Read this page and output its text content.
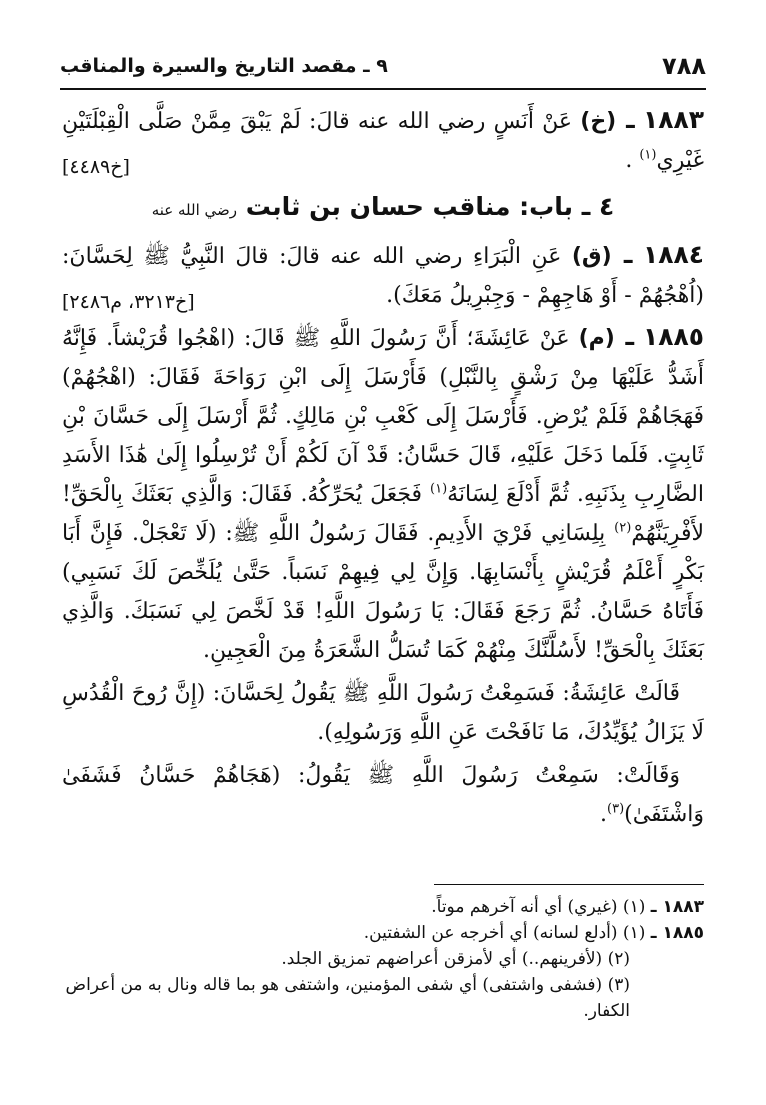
٧٨٨
٩ ـ مقصد التاريخ والسيرة والمناقب

١٨٨٣ ـ (خ) عَنْ أَنَسٍ رضي الله عنه قالَ: لَمْ يَبْقَ مِمَّنْ صَلَّى الْقِبْلَتَيْنِ غَيْرِي$^{(١)}$ .

[خ٤٤٨٩]
٤ ـ باب: مناقب حسان بن ثابت رضي الله عنه

١٨٨٤ ـ (ق) عَنِ الْبَرَاءِ رضي الله عنه قالَ: قالَ النَّبِيُّ ﷺ لِحَسَّانَ: (اُهْجُهُمْ - أَوْ هَاجِهِمْ - وَجِبْرِيلُ مَعَكَ).

[خ٣٢١٣، م٢٤٨٦]

١٨٨٥ ـ (م) عَنْ عَائِشَةَ؛ أَنَّ رَسُولَ اللَّهِ ﷺ قَالَ: (اهْجُوا قُرَيْشاً. فَإِنَّهُ أَشَدُّ عَلَيْهَا مِنْ رَشْقٍ بِالنَّبْلِ) فَأَرْسَلَ إِلَى ابْنِ رَوَاحَةَ فَقَالَ: (اهْجُهُمْ) فَهَجَاهُمْ فَلَمْ يُرْضِ. فَأَرْسَلَ إِلَى كَعْبِ بْنِ مَالِكٍ. ثُمَّ أَرْسَلَ إِلَى حَسَّانَ بْنِ ثَابِتٍ. فَلَما دَخَلَ عَلَيْهِ، قَالَ حَسَّانُ: قَدْ آنَ لَكُمْ أَنْ تُرْسِلُوا إِلَىٰ هَٰذَا الأَسَدِ الضَّارِبِ بِذَنَبِهِ. ثُمَّ أَدْلَعَ لِسَانَهُ$^{(١)}$ فَجَعَلَ يُحَرِّكُهُ. فَقَالَ: وَالَّذِي بَعَثَكَ بِالْحَقِّ! لأَفْرِيَنَّهُمْ$^{(٢)}$ بِلِسَانِي فَرْيَ الأَدِيمِ. فَقَالَ رَسُولُ اللَّهِ ﷺ: (لَا تَعْجَلْ. فَإِنَّ أَبَا بَكْرٍ أَعْلَمُ قُرَيْشٍ بِأَنْسَابِهَا. وَإِنَّ لِي فِيهِمْ نَسَباً. حَتَّىٰ يُلَخِّصَ لَكَ نَسَبِي) فَأَتَاهُ حَسَّانُ. ثُمَّ رَجَعَ فَقَالَ: يَا رَسُولَ اللَّهِ! قَدْ لَخَّصَ لِي نَسَبَكَ. وَالَّذِي بَعَثَكَ بِالْحَقِّ! لأَسُلَّنَّكَ مِنْهُمْ كَمَا تُسَلُّ الشَّعَرَةُ مِنَ الْعَجِينِ.

قَالَتْ عَائِشَةُ: فَسَمِعْتُ رَسُولَ اللَّهِ ﷺ يَقُولُ لِحَسَّانَ: (إِنَّ رُوحَ الْقُدُسِ لَا يَزَالُ يُؤَيِّدُكَ، مَا نَافَحْتَ عَنِ اللَّهِ وَرَسُولِهِ).

وَقَالَتْ: سَمِعْتُ رَسُولَ اللَّهِ ﷺ يَقُولُ: (هَجَاهُمْ حَسَّانُ فَشَفَىٰ وَاشْتَفَىٰ)$^{(٣)}$.

١٨٨٣ ـ (١) (غيري) أي أنه آخرهم موتاً.

١٨٨٥ ـ (١) (أدلع لسانه) أي أخرجه عن الشفتين.

(٢) (لأفرينهم..) أي لأمزقن أعراضهم تمزيق الجلد.

(٣) (فشفى واشتفى) أي شفى المؤمنين، واشتفى هو بما قاله ونال به من أعراض الكفار.
